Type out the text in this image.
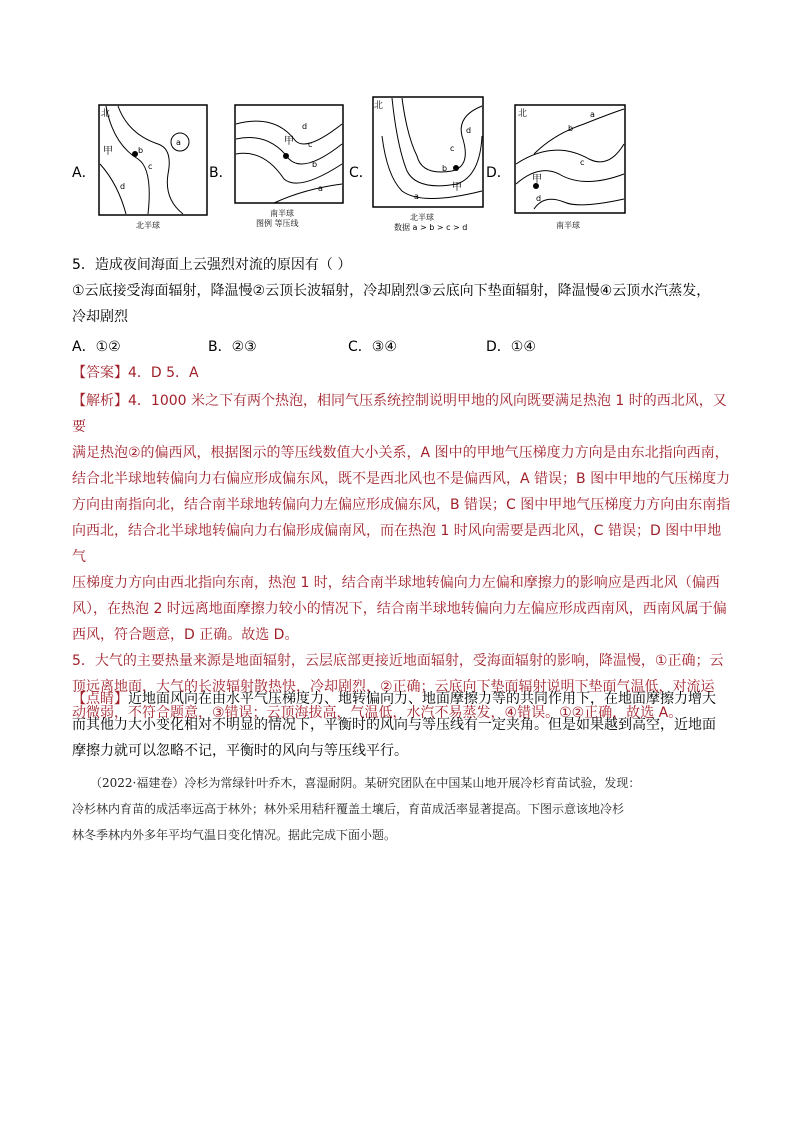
A．
甲
北
a
b
c
d
北半球
B．
甲
d
c
b
a
南半球
图例 等压线
C．
北
甲
d
c
b
a
北半球
数据 a > b > c > d
D．
北
甲
a
b
c
d
南半球
5．造成夜间海面上云强烈对流的原因有（ ）
①云底接受海面辐射，降温慢②云顶长波辐射，冷却剧烈③云底向下垫面辐射，降温慢④云顶水汽蒸发，
冷却剧烈
A．①②	B．②③	C．③④	D．①④
【答案】4．D 5．A
【解析】4．1000 米之下有两个热泡，相同气压系统控制说明甲地的风向既要满足热泡 1 时的西北风，又要
满足热泡②的偏西风，根据图示的等压线数值大小关系，A 图中的甲地气压梯度力方向是由东北指向西南，
结合北半球地转偏向力右偏应形成偏东风，既不是西北风也不是偏西风，A 错误；B 图中甲地的气压梯度力
方向由南指向北，结合南半球地转偏向力左偏应形成偏东风，B 错误；C 图中甲地气压梯度力方向由东南指
向西北，结合北半球地转偏向力右偏形成偏南风，而在热泡 1 时风向需要是西北风，C 错误；D 图中甲地气
压梯度力方向由西北指向东南，热泡 1 时，结合南半球地转偏向力左偏和摩擦力的影响应是西北风（偏西
风），在热泡 2 时远离地面摩擦力较小的情况下，结合南半球地转偏向力左偏应形成西南风，西南风属于偏
西风，符合题意，D 正确。故选 D。
5．大气的主要热量来源是地面辐射，云层底部更接近地面辐射，受海面辐射的影响，降温慢，①正确；云
顶远离地面，大气的长波辐射散热快，冷却剧烈，②正确；云底向下垫面辐射说明下垫面气温低，对流运
动微弱，不符合题意，③错误；云顶海拔高，气温低，水汽不易蒸发，④错误。①②正确，故选 A。
【点睛】近地面风向在由水平气压梯度力、地转偏向力、地面摩擦力等的共同作用下，在地面摩擦力增大
而其他力大小变化相对不明显的情况下，平衡时的风向与等压线有一定夹角。但是如果越到高空，近地面
摩擦力就可以忽略不记，平衡时的风向与等压线平行。
（2022·福建卷）冷杉为常绿针叶乔木，喜湿耐阴。某研究团队在中国某山地开展冷杉育苗试验，发现：
冷杉林内育苗的成活率远高于林外；林外采用秸秆覆盖土壤后，育苗成活率显著提高。下图示意该地冷杉
林冬季林内外多年平均气温日变化情况。据此完成下面小题。
